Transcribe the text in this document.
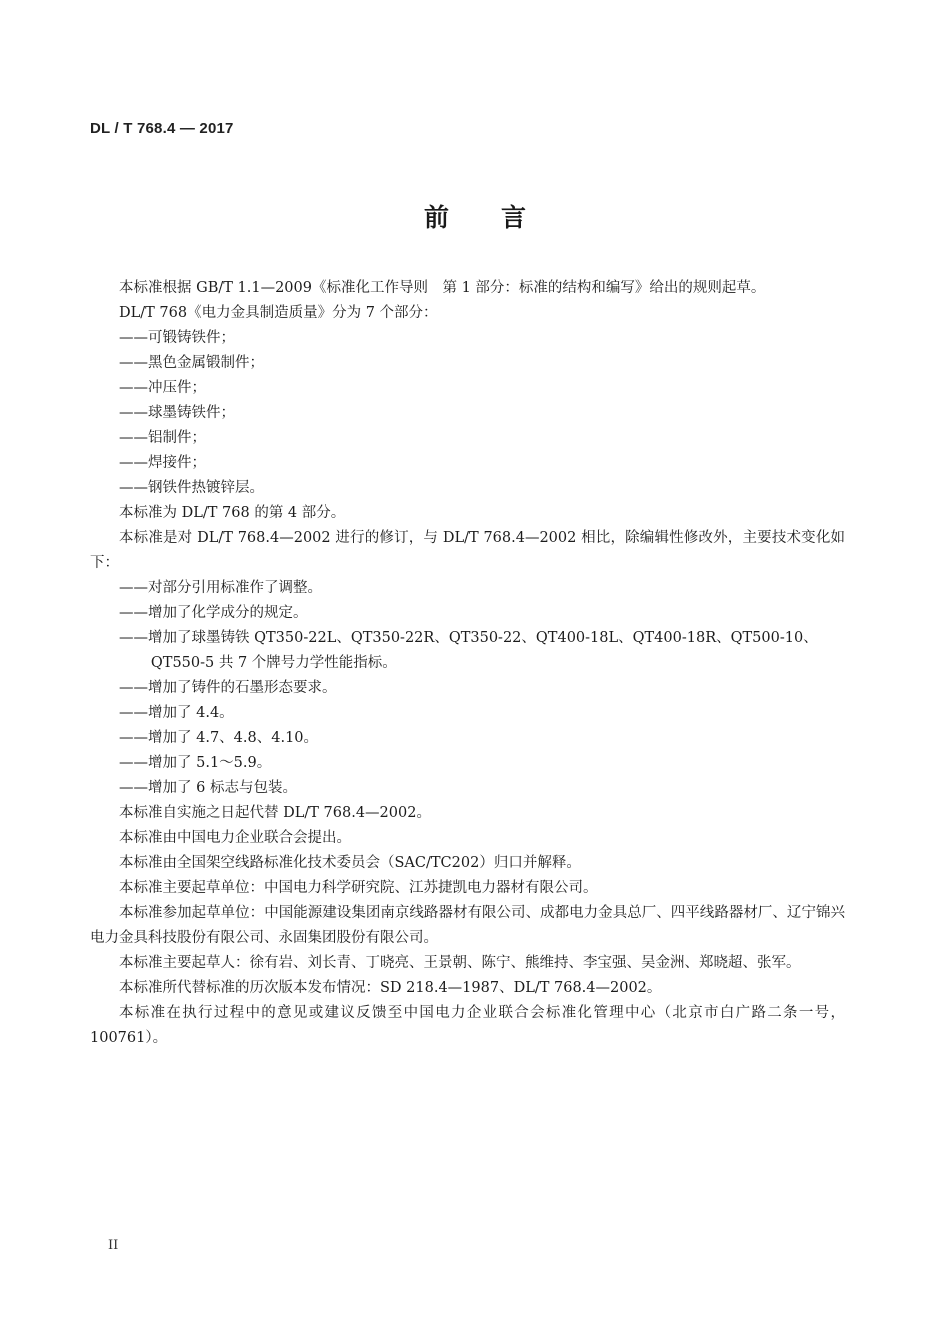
DL / T 768.4 — 2017
前言

本标准根据 GB/T 1.1—2009《标准化工作导则　第 1 部分：标准的结构和编写》给出的规则起草。

DL/T 768《电力金具制造质量》分为 7 个部分：

——可锻铸铁件；

——黑色金属锻制件；

——冲压件；

——球墨铸铁件；

——铝制件；

——焊接件；

——钢铁件热镀锌层。

本标准为 DL/T 768 的第 4 部分。

本标准是对 DL/T 768.4—2002 进行的修订，与 DL/T 768.4—2002 相比，除编辑性修改外，主要技术变化如下：

——对部分引用标准作了调整。

——增加了化学成分的规定。

——增加了球墨铸铁 QT350-22L、QT350-22R、QT350-22、QT400-18L、QT400-18R、QT500-10、QT550-5 共 7 个牌号力学性能指标。

——增加了铸件的石墨形态要求。

——增加了 4.4。

——增加了 4.7、4.8、4.10。

——增加了 5.1～5.9。

——增加了 6 标志与包装。

本标准自实施之日起代替 DL/T 768.4—2002。

本标准由中国电力企业联合会提出。

本标准由全国架空线路标准化技术委员会（SAC/TC202）归口并解释。

本标准主要起草单位：中国电力科学研究院、江苏捷凯电力器材有限公司。

本标准参加起草单位：中国能源建设集团南京线路器材有限公司、成都电力金具总厂、四平线路器材厂、辽宁锦兴电力金具科技股份有限公司、永固集团股份有限公司。

本标准主要起草人：徐有岩、刘长青、丁晓亮、王景朝、陈宁、熊维持、李宝强、吴金洲、郑晓超、张军。

本标准所代替标准的历次版本发布情况：SD 218.4—1987、DL/T 768.4—2002。

本标准在执行过程中的意见或建议反馈至中国电力企业联合会标准化管理中心（北京市白广路二条一号，100761）。

II
